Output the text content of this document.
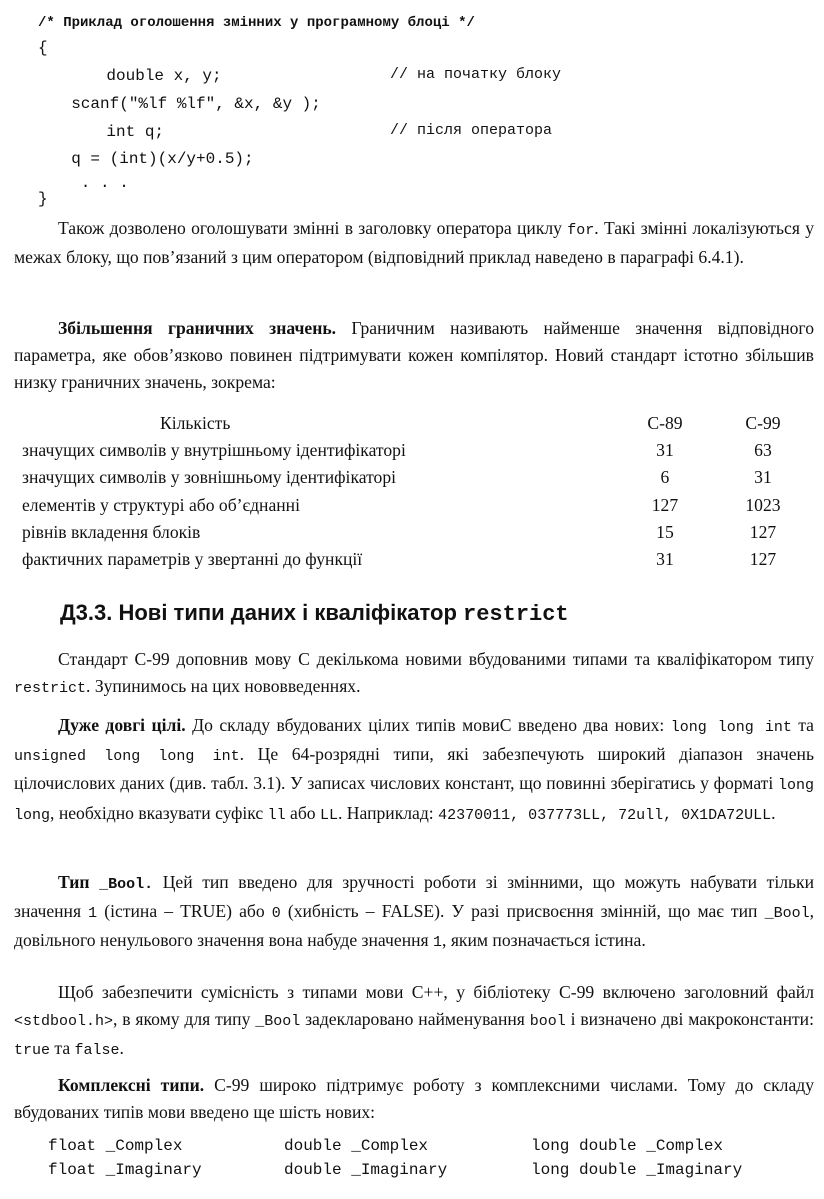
/* Приклад оголошення змінних у програмному блоці */
{
double x, y;
scanf("%lf %lf", &x, &y );
int q;
q = (int)(x/y+0.5);
. . .
}
// на початку блоку
// після оператора

Також дозволено оголошувати змінні в заголовку оператора циклу for. Такі змінні локалізуються у межах блоку, що пов’язаний з цим оператором (відповідний приклад наведено в параграфі 6.4.1).

Збільшення граничних значень. Граничним називають найменше значення відповідного параметра, яке обов’язково повинен підтримувати кожен компілятор. Новий стандарт істотно збільшив низку граничних значень, зокрема:

Кількість	С-89	С-99
значущих символів у внутрішньому ідентифікаторі	31	63
значущих символів у зовнішньому ідентифікаторі	6	31
елементів у структурі або об’єднанні	127	1023
рівнів вкладення блоків	15	127
фактичних параметрів у звертанні до функції	31	127
Д3.3. Нові типи даних і кваліфікатор restrict

Стандарт С-99 доповнив мову С декількома новими вбудованими типами та кваліфікатором типу restrict. Зупинимось на цих нововведеннях.

Дуже довгі цілі. До складу вбудованих цілих типів мовиС введено два нових: long long int та unsigned long long int. Це 64-розрядні типи, які забезпечують широкий діапазон значень цілочислових даних (див. табл. 3.1). У записах числових констант, що повинні зберігатись у форматі long long, необхідно вказувати суфікс ll або LL. Наприклад: 42370011, 037773LL, 72ull, 0X1DA72ULL.

Тип _Bool. Цей тип введено для зручності роботи зі змінними, що можуть набувати тільки значення 1 (істина – TRUE) або 0 (хибність – FALSE). У разі присвоєння змінній, що має тип _Bool, довільного ненульового значення вона набуде значення 1, яким позначається істина.

Щоб забезпечити сумісність з типами мови С++, у бібліотеку С-99 включено заголовний файл <stdbool.h>, в якому для типу _Bool задекларовано найменування bool і визначено дві макроконстанти: true та false.

Комплексні типи. С-99 широко підтримує роботу з комплексними числами. Тому до складу вбудованих типів мови введено ще шість нових:

float _Complex	double _Complex	long double _Complex
float _Imaginary	double _Imaginary	long double _Imaginary
